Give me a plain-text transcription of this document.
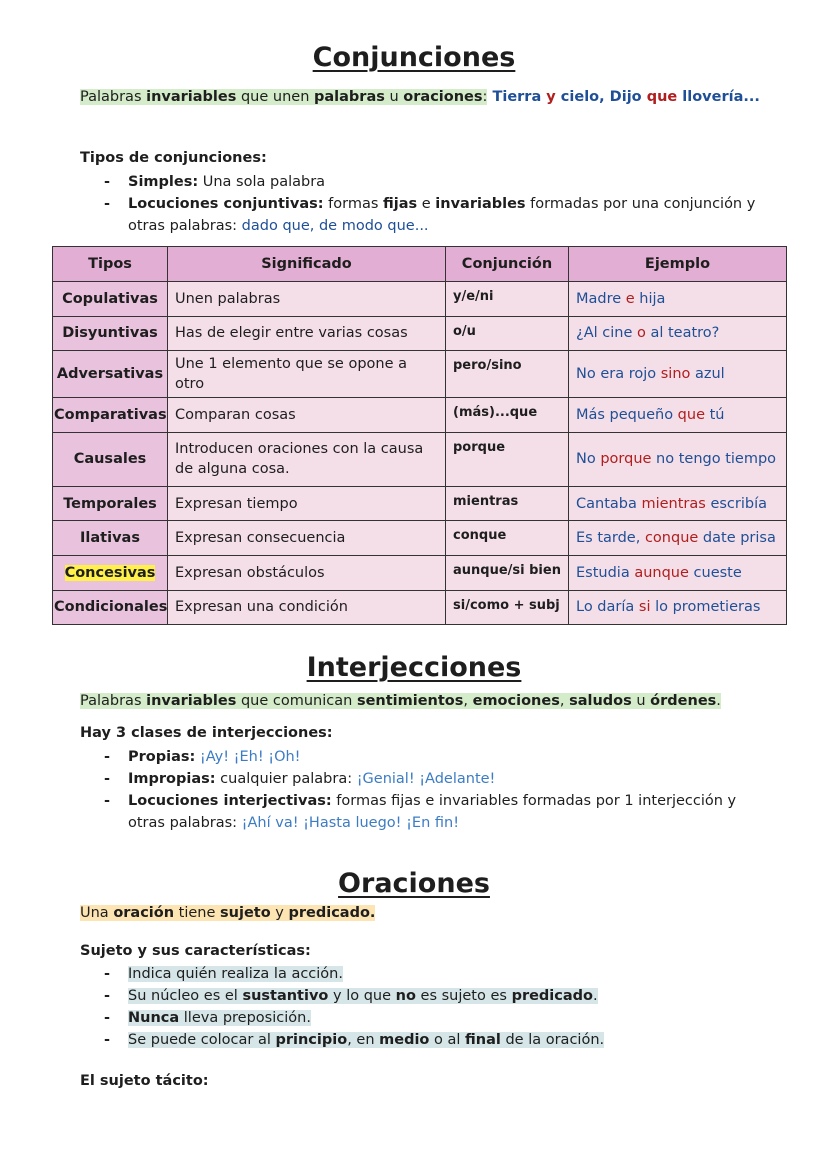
Conjunciones
Palabras invariables que unen palabras u oraciones: Tierra y cielo, Dijo que llovería...
Tipos de conjunciones:
- Simples: Una sola palabra
- Locuciones conjuntivas: formas fijas e invariables formadas por una conjunción y
otras palabras: dado que, de modo que...
Tipos	Significado	Conjunción	Ejemplo
Copulativas	Unen palabras	y/e/ni	Madre e hija
Disyuntivas	Has de elegir entre varias cosas	o/u	¿Al cine o al teatro?
Adversativas	Une 1 elemento que se opone a otro	pero/sino	No era rojo sino azul
Comparativas	Comparan cosas	(más)...que	Más pequeño que tú
Causales	Introducen oraciones con la causa de alguna cosa.	porque	No porque no tengo tiempo
Temporales	Expresan tiempo	mientras	Cantaba mientras escribía
Ilativas	Expresan consecuencia	conque	Es tarde, conque date prisa
Concesivas	Expresan obstáculos	aunque/si bien	Estudia aunque cueste
Condicionales	Expresan una condición	si/como + subj	Lo daría si lo prometieras
Interjecciones
Palabras invariables que comunican sentimientos, emociones, saludos u órdenes.
Hay 3 clases de interjecciones:
- Propias: ¡Ay! ¡Eh! ¡Oh!
- Impropias: cualquier palabra: ¡Genial! ¡Adelante!
- Locuciones interjectivas: formas fijas e invariables formadas por 1 interjección y
otras palabras: ¡Ahí va! ¡Hasta luego! ¡En fin!
Oraciones
Una oración tiene sujeto y predicado.
Sujeto y sus características:
- Indica quién realiza la acción.
- Su núcleo es el sustantivo y lo que no es sujeto es predicado.
- Nunca lleva preposición.
- Se puede colocar al principio, en medio o al final de la oración.
El sujeto tácito:
